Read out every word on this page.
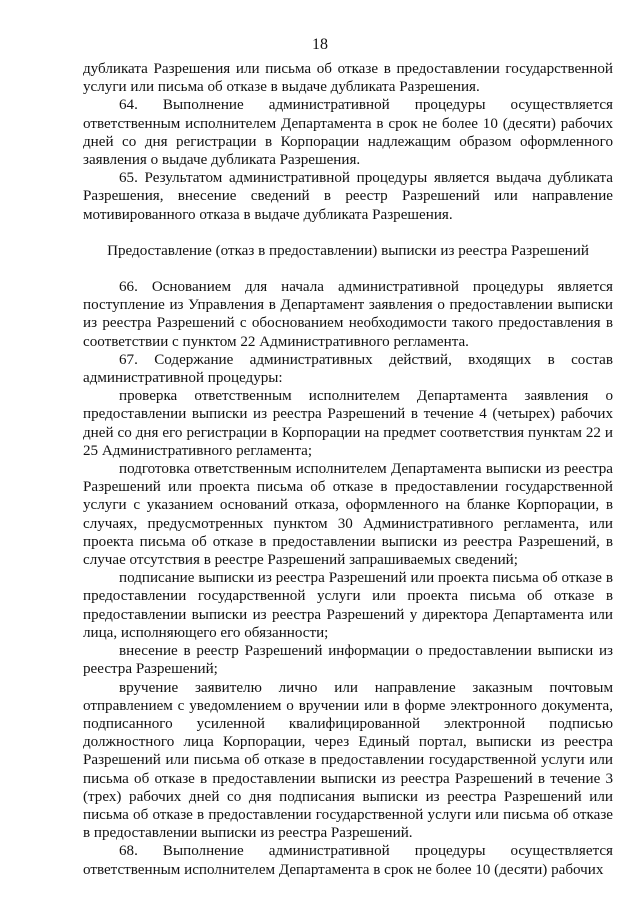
18

дубликата Разрешения или письма об отказе в предоставлении государственной услуги или письма об отказе в выдаче дубликата Разрешения.

64. Выполнение административной процедуры осуществляется ответственным исполнителем Департамента в срок не более 10 (десяти) рабочих дней со дня регистрации в Корпорации надлежащим образом оформленного заявления о выдаче дубликата Разрешения.

65. Результатом административной процедуры является выдача дубликата Разрешения, внесение сведений в реестр Разрешений или направление мотивированного отказа в выдаче дубликата Разрешения.

Предоставление (отказ в предоставлении) выписки из реестра Разрешений

66. Основанием для начала административной процедуры является поступление из Управления в Департамент заявления о предоставлении выписки из реестра Разрешений с обоснованием необходимости такого предоставления в соответствии с пунктом 22 Административного регламента.

67. Содержание административных действий, входящих в состав административной процедуры:

проверка ответственным исполнителем Департамента заявления о предоставлении выписки из реестра Разрешений в течение 4 (четырех) рабочих дней со дня его регистрации в Корпорации на предмет соответствия пунктам 22 и 25 Административного регламента;

подготовка ответственным исполнителем Департамента выписки из реестра Разрешений или проекта письма об отказе в предоставлении государственной услуги с указанием оснований отказа, оформленного на бланке Корпорации, в случаях, предусмотренных пунктом 30 Административного регламента, или проекта письма об отказе в предоставлении выписки из реестра Разрешений, в случае отсутствия в реестре Разрешений запрашиваемых сведений;

подписание выписки из реестра Разрешений или проекта письма об отказе в предоставлении государственной услуги или проекта письма об отказе в предоставлении выписки из реестра Разрешений у директора Департамента или лица, исполняющего его обязанности;

внесение в реестр Разрешений информации о предоставлении выписки из реестра Разрешений;

вручение заявителю лично или направление заказным почтовым отправлением с уведомлением о вручении или в форме электронного документа, подписанного усиленной квалифицированной электронной подписью должностного лица Корпорации, через Единый портал, выписки из реестра Разрешений или письма об отказе в предоставлении государственной услуги или письма об отказе в предоставлении выписки из реестра Разрешений в течение 3 (трех) рабочих дней со дня подписания выписки из реестра Разрешений или письма об отказе в предоставлении государственной услуги или письма об отказе в предоставлении выписки из реестра Разрешений.

68. Выполнение административной процедуры осуществляется ответственным исполнителем Департамента в срок не более 10 (десяти) рабочих
